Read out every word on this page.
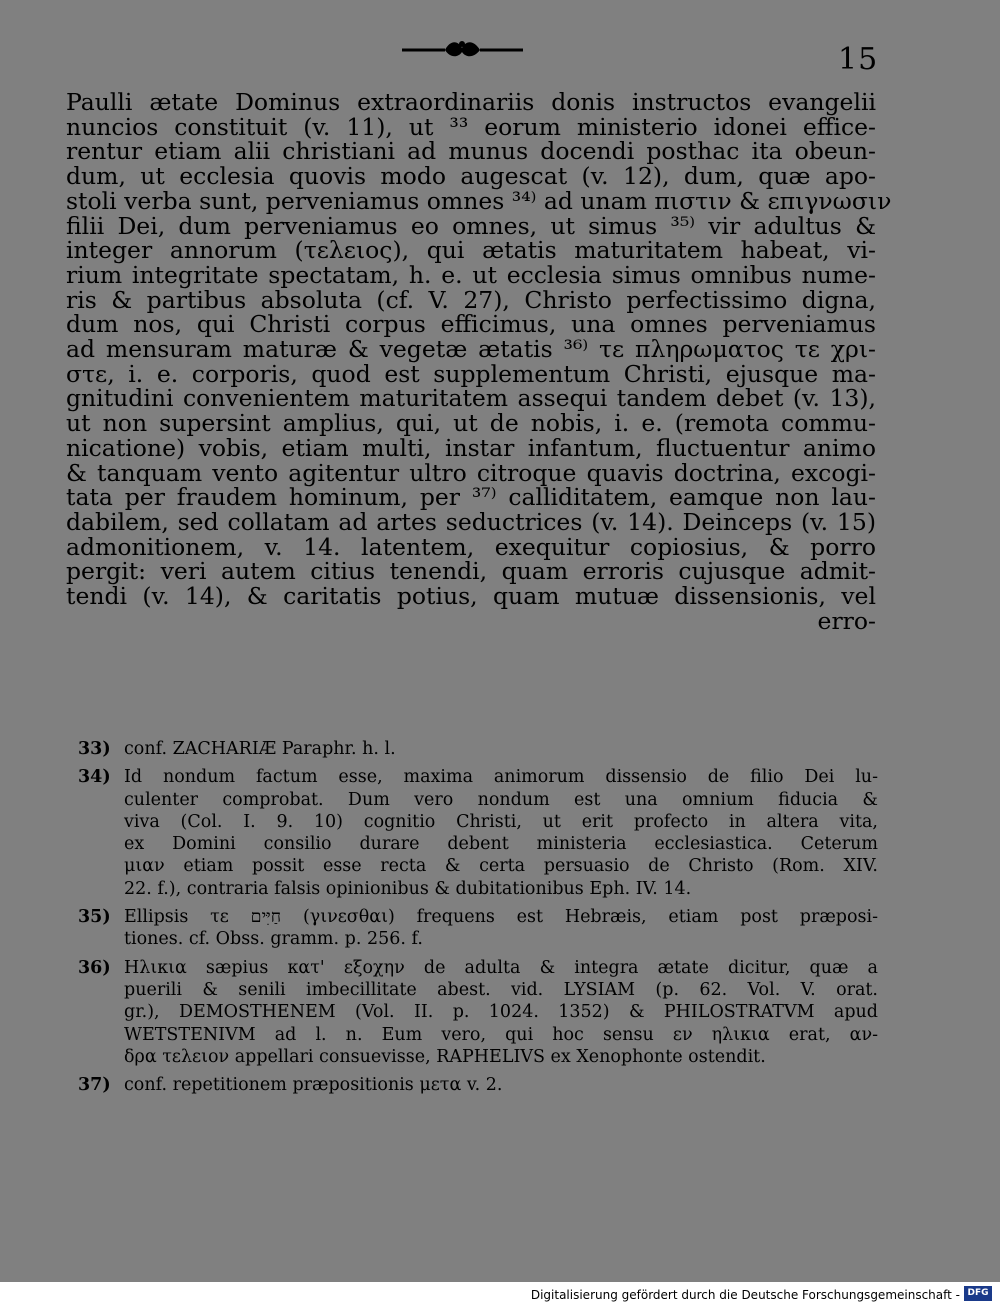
15
Paulli ætate Dominus extraordinariis donis instructos evangelii
nuncios constituit (v. 11), ut ³³ eorum ministerio idonei effice-
rentur etiam alii christiani ad munus docendi posthac ita obeun-
dum, ut ecclesia quovis modo augescat (v. 12), dum, quæ apo-
stoli verba sunt, perveniamus omnes ³⁴⁾ ad unam πιστιν & επιγνωσιν
filii Dei, dum perveniamus eo omnes, ut simus ³⁵⁾ vir adultus &
integer annorum (τελειος), qui ætatis maturitatem habeat, vi-
rium integritate spectatam, h. e. ut ecclesia simus omnibus nume-
ris & partibus absoluta (cf. V. 27), Christo perfectissimo digna,
dum nos, qui Christi corpus efficimus, una omnes perveniamus
ad mensuram maturæ & vegetæ ætatis ³⁶⁾ τε πληρωματος τε χρι-
στε, i. e. corporis, quod est supplementum Christi, ejusque ma-
gnitudini convenientem maturitatem assequi tandem debet (v. 13),
ut non supersint amplius, qui, ut de nobis, i. e. (remota commu-
nicatione) vobis, etiam multi, instar infantum, fluctuentur animo
& tanquam vento agitentur ultro citroque quavis doctrina, excogi-
tata per fraudem hominum, per ³⁷⁾ calliditatem, eamque non lau-
dabilem, sed collatam ad artes seductrices (v. 14). Deinceps (v. 15)
admonitionem, v. 14. latentem, exequitur copiosius, & porro
pergit: veri autem citius tenendi, quam erroris cujusque admit-
tendi (v. 14), & caritatis potius, quam mutuæ dissensionis, vel
erro-
33) conf. ZACHARIÆ Paraphr. h. l.
34) Id nondum factum esse, maxima animorum dissensio de filio Dei lu-
culenter comprobat. Dum vero nondum est una omnium fiducia &
viva (Col. I. 9. 10) cognitio Christi, ut erit profecto in altera vita,
ex Domini consilio durare debent ministeria ecclesiastica. Ceterum
μιαν etiam possit esse recta & certa persuasio de Christo (Rom. XIV.
22. f.), contraria falsis opinionibus & dubitationibus Eph. IV. 14.
35) Ellipsis τε חַיִּים (γινεσθαι) frequens est Hebræis, etiam post præposi-
tiones. cf. Obss. gramm. p. 256. f.
36) Ηλικια sæpius κατ' εξοχην de adulta & integra ætate dicitur, quæ a
puerili & senili imbecillitate abest. vid. LYSIAM (p. 62. Vol. V. orat.
gr.), DEMOSTHENEM (Vol. II. p. 1024. 1352) & PHILOSTRATVM apud
WETSTENIVM ad l. n. Eum vero, qui hoc sensu εν ηλικια erat, αν-
δρα τελειον appellari consuevisse, RAPHELIVS ex Xenophonte ostendit.
37) conf. repetitionem præpositionis μετα v. 2.
Digitalisierung gefördert durch die Deutsche Forschungsgemeinschaft - DFG
